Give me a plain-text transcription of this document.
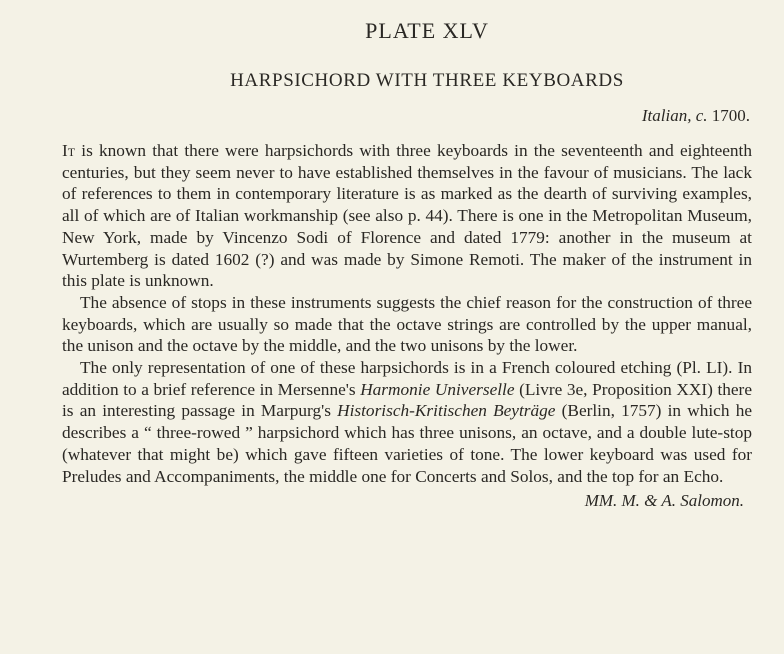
PLATE XLV
HARPSICHORD WITH THREE KEYBOARDS
Italian, c. 1700.

It is known that there were harpsichords with three keyboards in the seventeenth and eighteenth centuries, but they seem never to have established themselves in the favour of musicians. The lack of references to them in contemporary literature is as marked as the dearth of surviving examples, all of which are of Italian workmanship (see also p. 44). There is one in the Metropolitan Museum, New York, made by Vincenzo Sodi of Florence and dated 1779: another in the museum at Wurtemberg is dated 1602 (?) and was made by Simone Remoti. The maker of the instrument in this plate is unknown.

The absence of stops in these instruments suggests the chief reason for the construction of three keyboards, which are usually so made that the octave strings are controlled by the upper manual, the unison and the octave by the middle, and the two unisons by the lower.

The only representation of one of these harpsichords is in a French coloured etching (Pl. LI). In addition to a brief reference in Mersenne's Harmonie Universelle (Livre 3e, Proposition XXI) there is an interesting passage in Marpurg's Historisch-Kritischen Beyträge (Berlin, 1757) in which he describes a “ three-rowed ” harpsichord which has three unisons, an octave, and a double lute-stop (whatever that might be) which gave fifteen varieties of tone. The lower keyboard was used for Preludes and Accompaniments, the middle one for Concerts and Solos, and the top for an Echo.

MM. M. & A. Salomon.
